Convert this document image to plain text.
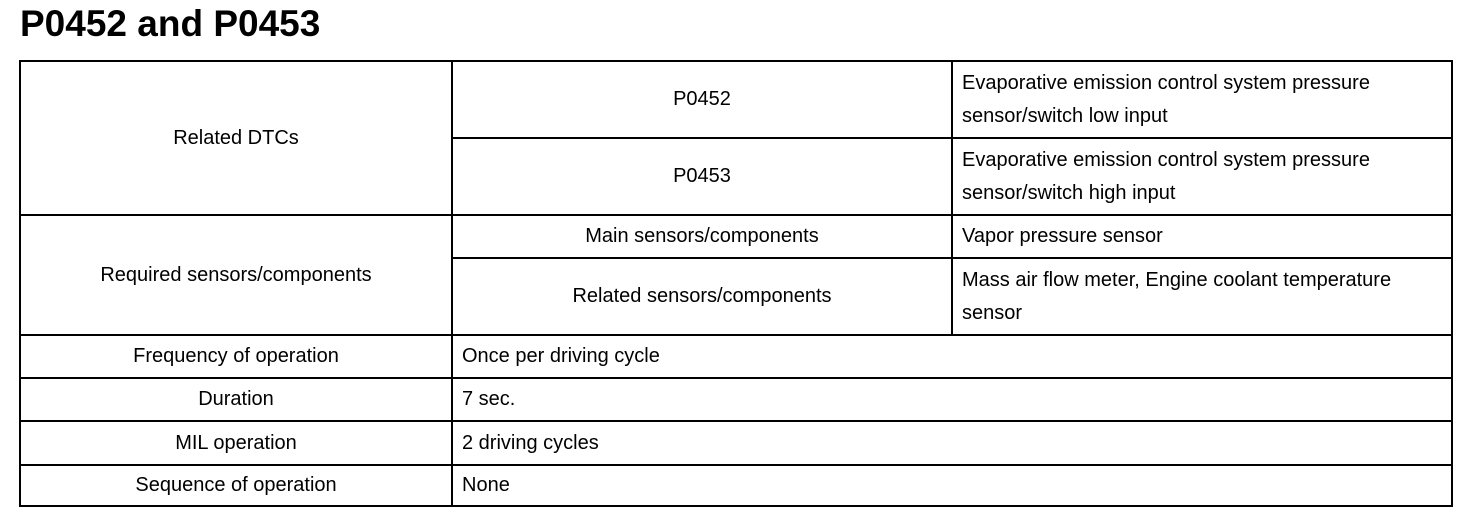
P0452 and P0453
Related DTCs	P0452	Evaporative emission control system pressure sensor/switch low input
	P0453	Evaporative emission control system pressure sensor/switch high input
Required sensors/components	Main sensors/components	Vapor pressure sensor
	Related sensors/components	Mass air flow meter, Engine coolant temperature sensor
Frequency of operation	Once per driving cycle	
Duration	7 sec.	
MIL operation	2 driving cycles	
Sequence of operation	None	
